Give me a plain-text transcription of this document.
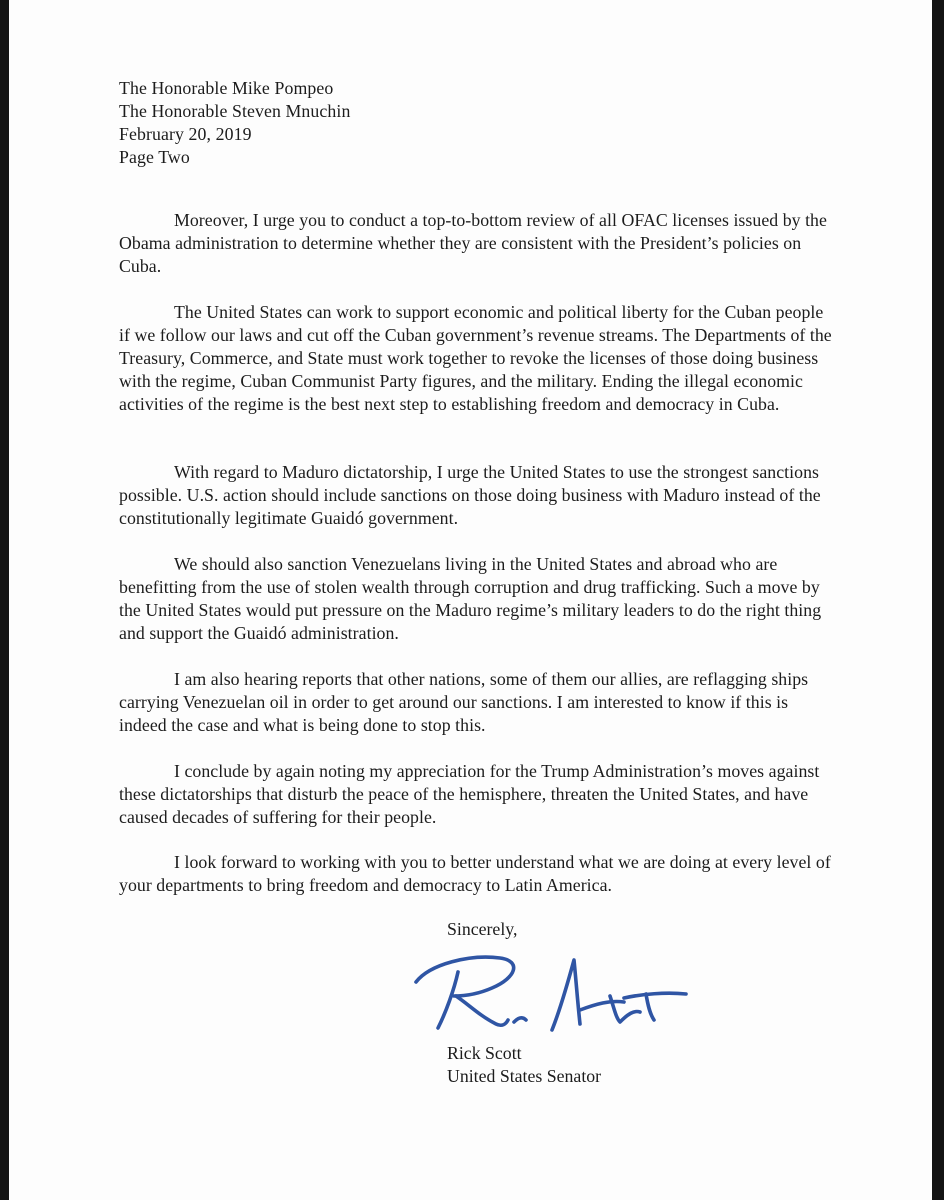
The Honorable Mike Pompeo
The Honorable Steven Mnuchin
February 20, 2019
Page Two
Moreover, I urge you to conduct a top-to-bottom review of all OFAC licenses issued by the Obama administration to determine whether they are consistent with the President’s policies on Cuba.
The United States can work to support economic and political liberty for the Cuban people if we follow our laws and cut off the Cuban government’s revenue streams. The Departments of the Treasury, Commerce, and State must work together to revoke the licenses of those doing business with the regime, Cuban Communist Party figures, and the military. Ending the illegal economic activities of the regime is the best next step to establishing freedom and democracy in Cuba.
With regard to Maduro dictatorship, I urge the United States to use the strongest sanctions possible. U.S. action should include sanctions on those doing business with Maduro instead of the constitutionally legitimate Guaidó government.
We should also sanction Venezuelans living in the United States and abroad who are benefitting from the use of stolen wealth through corruption and drug trafficking. Such a move by the United States would put pressure on the Maduro regime’s military leaders to do the right thing and support the Guaidó administration.
I am also hearing reports that other nations, some of them our allies, are reflagging ships carrying Venezuelan oil in order to get around our sanctions. I am interested to know if this is indeed the case and what is being done to stop this.
I conclude by again noting my appreciation for the Trump Administration’s moves against these dictatorships that disturb the peace of the hemisphere, threaten the United States, and have caused decades of suffering for their people.
I look forward to working with you to better understand what we are doing at every level of your departments to bring freedom and democracy to Latin America.
Sincerely,
Rick Scott
United States Senator
